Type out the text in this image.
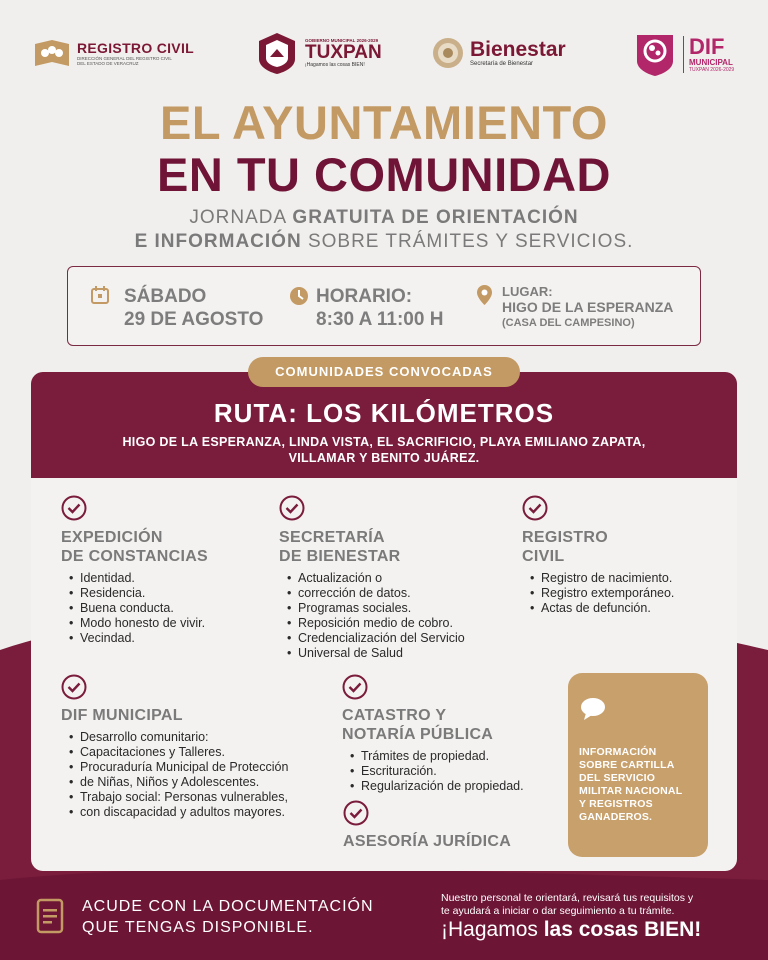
REGISTRO CIVIL
DIRECCIÓN GENERAL DEL REGISTRO CIVIL
DEL ESTADO DE VERACRUZ
GOBIERNO MUNICIPAL 2026-2029
TUXPAN
¡Hagamos las cosas BIEN!
Bienestar
Secretaría de Bienestar
DIF
MUNICIPAL
TUXPAN 2026-2029
EL AYUNTAMIENTO
EN TU COMUNIDAD
JORNADA GRATUITA DE ORIENTACIÓN
E INFORMACIÓN SOBRE TRÁMITES Y SERVICIOS.
SÁBADO
29 DE AGOSTO
HORARIO:
8:30 A 11:00 H
LUGAR:
HIGO DE LA ESPERANZA
(CASA DEL CAMPESINO)
COMUNIDADES CONVOCADAS
RUTA: LOS KILÓMETROS
HIGO DE LA ESPERANZA, LINDA VISTA, EL SACRIFICIO, PLAYA EMILIANO ZAPATA,
VILLAMAR Y BENITO JUÁREZ.
EXPEDICIÓN
DE CONSTANCIAS
• Identidad.
• Residencia.
• Buena conducta.
• Modo honesto de vivir.
• Vecindad.
SECRETARÍA
DE BIENESTAR
• Actualización o
• corrección de datos.
• Programas sociales.
• Reposición medio de cobro.
• Credencialización del Servicio
• Universal de Salud
REGISTRO
CIVIL
• Registro de nacimiento.
• Registro extemporáneo.
• Actas de defunción.
DIF MUNICIPAL
• Desarrollo comunitario:
• Capacitaciones y Talleres.
• Procuraduría Municipal de Protección
• de Niñas, Niños y Adolescentes.
• Trabajo social: Personas vulnerables,
• con discapacidad y adultos mayores.
CATASTRO Y
NOTARÍA PÚBLICA
• Trámites de propiedad.
• Escrituración.
• Regularización de propiedad.
ASESORÍA JURÍDICA
INFORMACIÓN
SOBRE CARTILLA
DEL SERVICIO
MILITAR NACIONAL
Y REGISTROS
GANADEROS.
ACUDE CON LA DOCUMENTACIÓN
QUE TENGAS DISPONIBLE.
Nuestro personal te orientará, revisará tus requisitos y
te ayudará a iniciar o dar seguimiento a tu trámite.
¡Hagamos las cosas BIEN!
